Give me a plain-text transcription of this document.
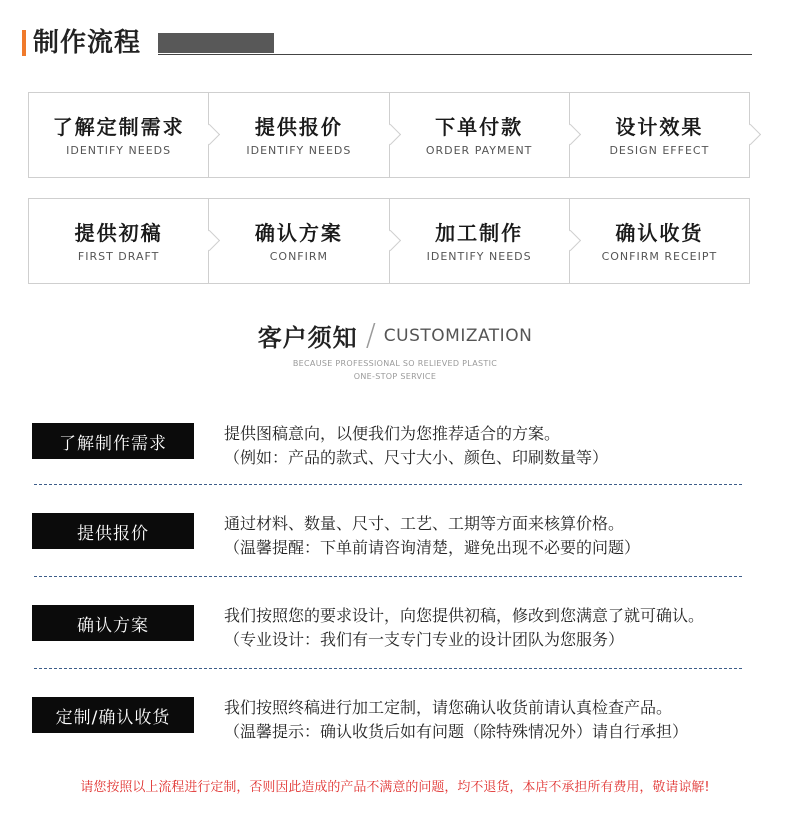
制作流程
了解定制需求
IDENTIFY NEEDS
提供报价
IDENTIFY NEEDS
下单付款
ORDER PAYMENT
设计效果
DESIGN EFFECT
提供初稿
FIRST DRAFT
确认方案
CONFIRM
加工制作
IDENTIFY NEEDS
确认收货
CONFIRM RECEIPT
客户须知 / CUSTOMIZATION
BECAUSE PROFESSIONAL SO RELIEVED PLASTIC
ONE-STOP SERVICE
了解制作需求	提供图稿意向，以便我们为您推荐适合的方案。
（例如：产品的款式、尺寸大小、颜色、印刷数量等）
提供报价	通过材料、数量、尺寸、工艺、工期等方面来核算价格。
（温馨提醒：下单前请咨询清楚，避免出现不必要的问题）
确认方案	我们按照您的要求设计，向您提供初稿，修改到您满意了就可确认。
（专业设计：我们有一支专门专业的设计团队为您服务）
定制/确认收货	我们按照终稿进行加工定制，请您确认收货前请认真检查产品。
（温馨提示：确认收货后如有问题（除特殊情况外）请自行承担）
请您按照以上流程进行定制，否则因此造成的产品不满意的问题，均不退货，本店不承担所有费用，敬请谅解!
